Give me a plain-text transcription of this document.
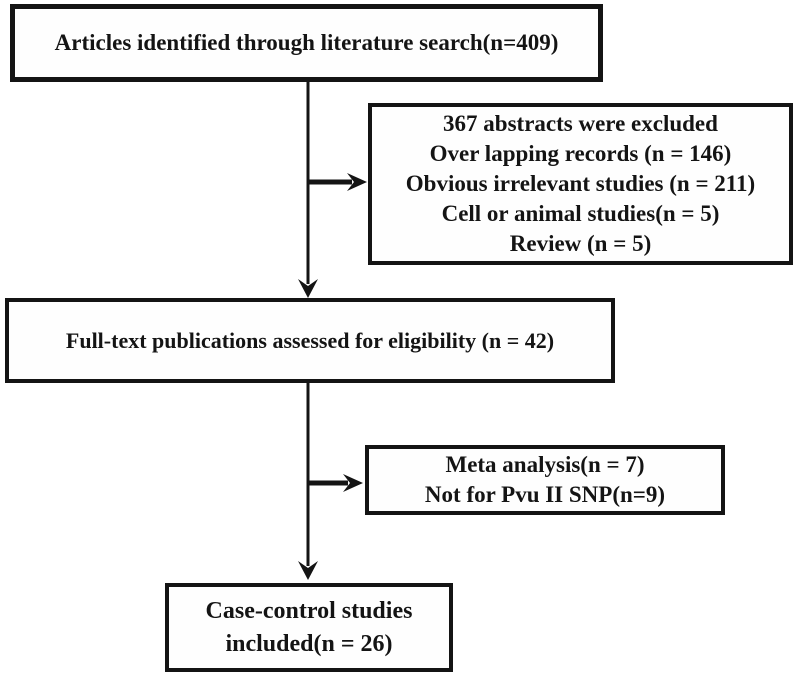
Articles identified through literature search(n=409)
367 abstracts were excluded
Over lapping records (n = 146)
Obvious irrelevant studies (n = 211)
Cell or animal studies(n = 5)
Review (n = 5)
Full-text publications assessed for eligibility (n = 42)
Meta analysis(n = 7)
Not for Pvu II SNP(n=9)
Case-control studies
included(n = 26)
